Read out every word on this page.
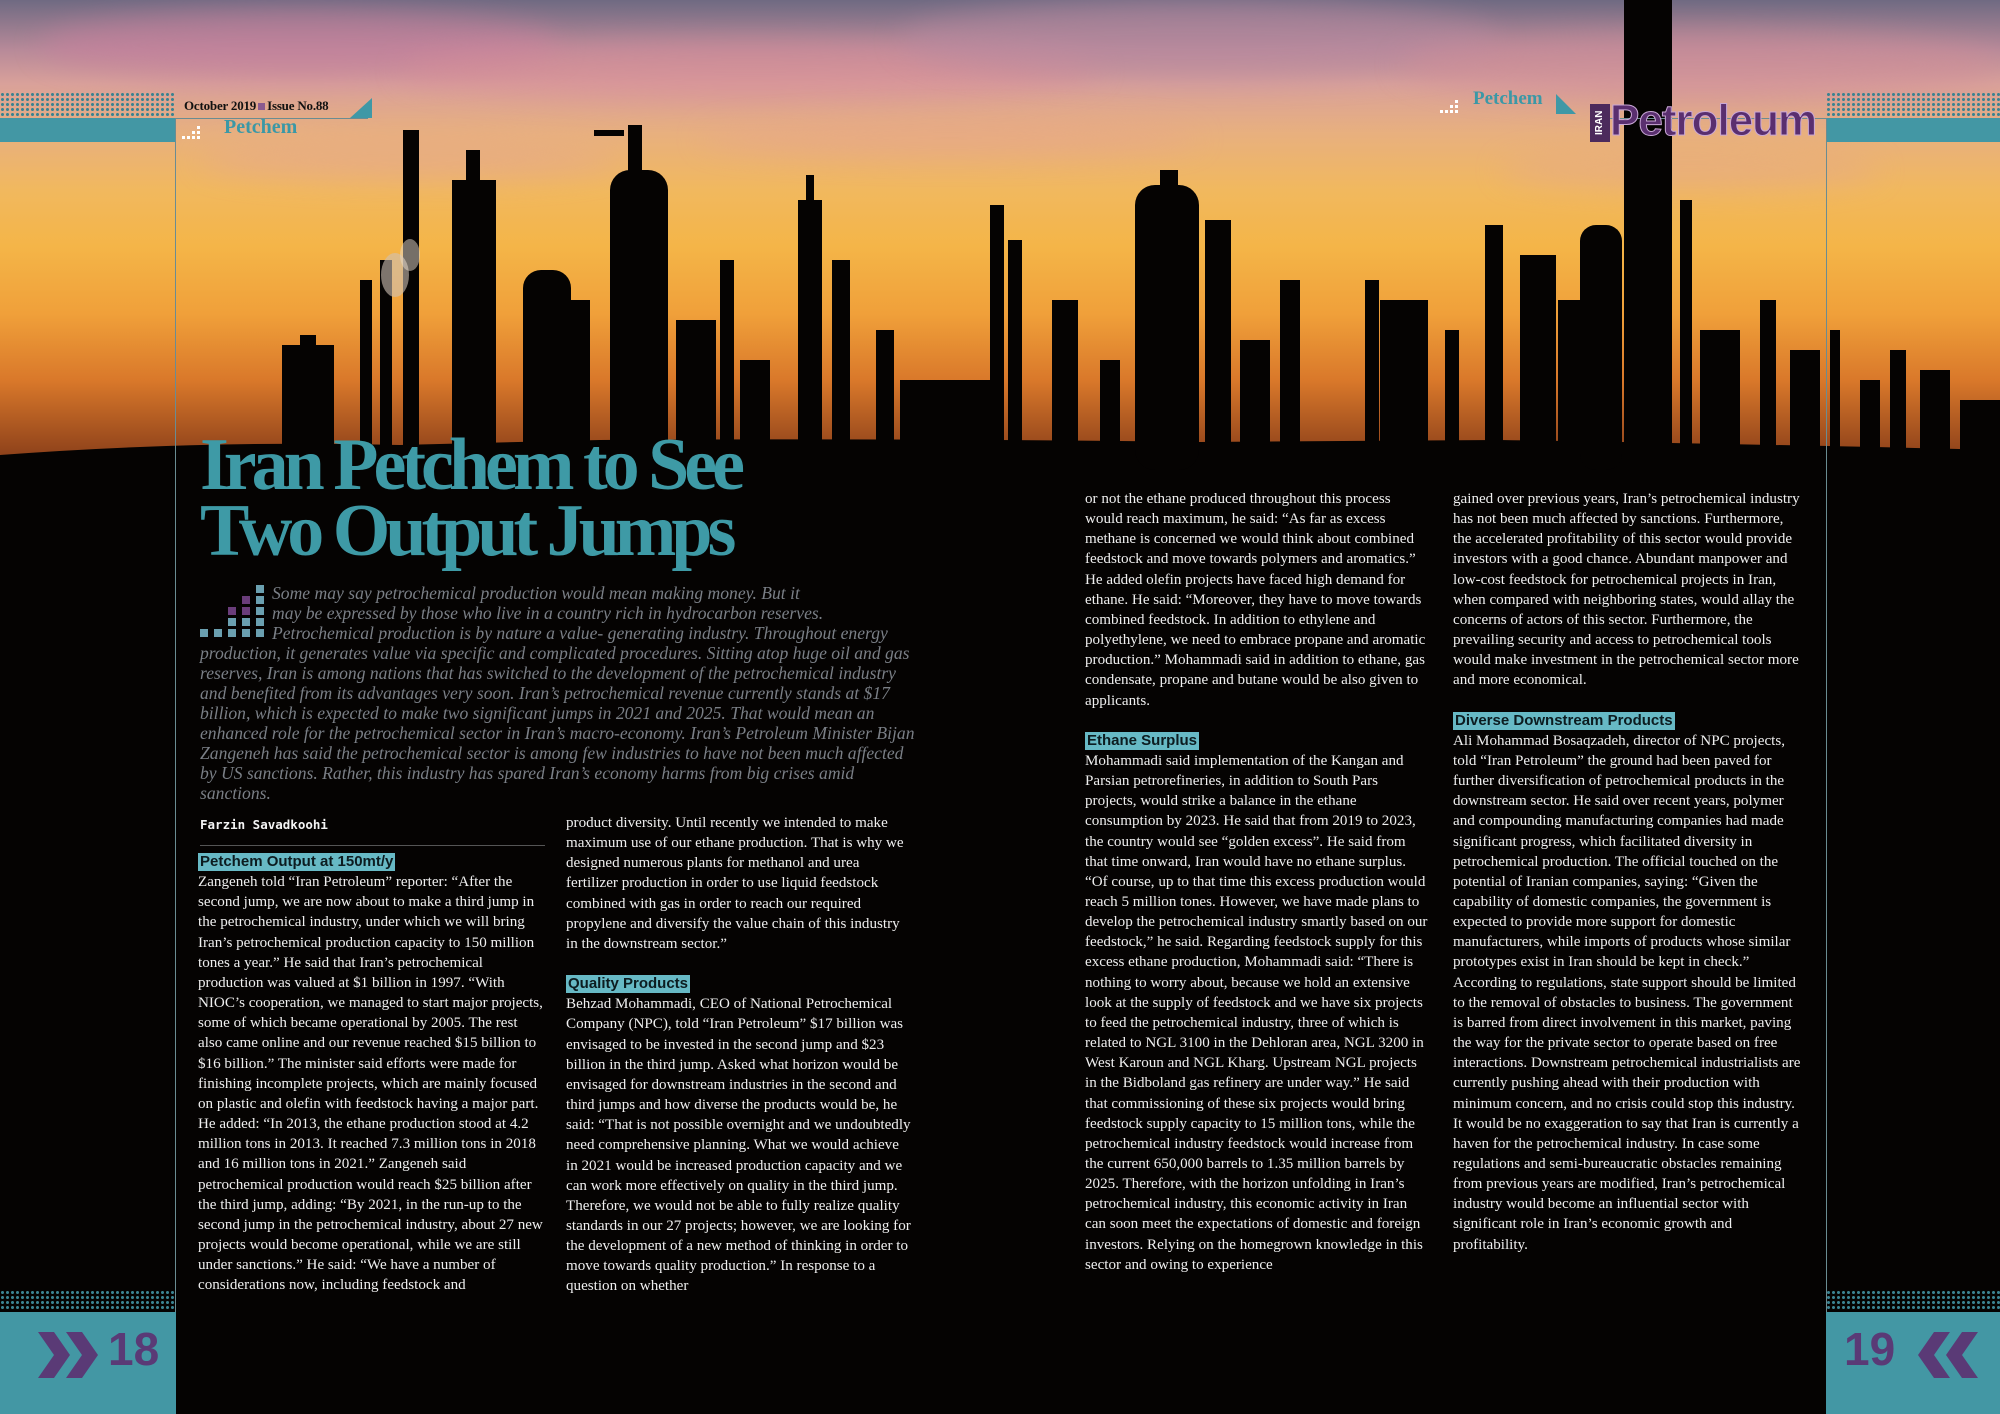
October 2019 Issue No.88
Petchem
Petchem
IRAN Petroleum
Iran Petchem to See
Two Output Jumps

Some may say petrochemical production would mean making money. But it
may be expressed by those who live in a country rich in hydrocarbon reserves.
Petrochemical production is by nature a value- generating industry. Throughout energy production, it generates value via specific and complicated procedures. Sitting atop huge oil and gas reserves, Iran is among nations that has switched to the development of the petrochemical industry and benefited from its advantages very soon. Iran’s petrochemical revenue currently stands at $17 billion, which is expected to make two significant jumps in 2021 and 2025. That would mean an enhanced role for the petrochemical sector in Iran’s macro-economy. Iran’s Petroleum Minister Bijan Zangeneh has said the petrochemical sector is among few industries to have not been much affected by US sanctions. Rather, this industry has spared Iran’s economy harms from big crises amid sanctions.

Farzin Savadkoohi
Petchem Output at 150mt/y

Zangeneh told “Iran Petroleum” reporter: “After the second jump, we are now about to make a third jump in the petrochemical industry, under which we will bring Iran’s petrochemical production capacity to 150 million tones a year.” He said that Iran’s petrochemical production was valued at $1 billion in 1997. “With NIOC’s cooperation, we managed to start major projects, some of which became operational by 2005. The rest also came online and our revenue reached $15 billion to $16 billion.” The minister said efforts were made for finishing incomplete projects, which are mainly focused on plastic and olefin with feedstock having a major part. He added: “In 2013, the ethane production stood at 4.2 million tons in 2013. It reached 7.3 million tons in 2018 and 16 million tons in 2021.” Zangeneh said petrochemical production would reach $25 billion after the third jump, adding: “By 2021, in the run-up to the second jump in the petrochemical industry, about 27 new projects would become operational, while we are still under sanctions.” He said: “We have a number of considerations now, including feedstock and

product diversity. Until recently we intended to make maximum use of our ethane production. That is why we designed numerous plants for methanol and urea fertilizer production in order to use liquid feedstock combined with gas in order to reach our required propylene and diversify the value chain of this industry in the downstream sector.”

Quality Products

Behzad Mohammadi, CEO of National Petrochemical Company (NPC), told “Iran Petroleum” $17 billion was envisaged to be invested in the second jump and $23 billion in the third jump. Asked what horizon would be envisaged for downstream industries in the second and third jumps and how diverse the products would be, he said: “That is not possible overnight and we undoubtedly need comprehensive planning. What we would achieve in 2021 would be increased production capacity and we can work more effectively on quality in the third jump. Therefore, we would not be able to fully realize quality standards in our 27 projects; however, we are looking for the development of a new method of thinking in order to move towards quality production.” In response to a question on whether

or not the ethane produced throughout this process would reach maximum, he said: “As far as excess methane is concerned we would think about combined feedstock and move towards polymers and aromatics.” He added olefin projects have faced high demand for ethane. He said: “Moreover, they have to move towards combined feedstock. In addition to ethylene and polyethylene, we need to embrace propane and aromatic production.” Mohammadi said in addition to ethane, gas condensate, propane and butane would be also given to applicants.

Ethane Surplus

Mohammadi said implementation of the Kangan and Parsian petrorefineries, in addition to South Pars projects, would strike a balance in the ethane consumption by 2023. He said that from 2019 to 2023, the country would see “golden excess”. He said from that time onward, Iran would have no ethane surplus. “Of course, up to that time this excess production would reach 5 million tones. However, we have made plans to develop the petrochemical industry smartly based on our feedstock,” he said. Regarding feedstock supply for this excess ethane production, Mohammadi said: “There is nothing to worry about, because we hold an extensive look at the supply of feedstock and we have six projects to feed the petrochemical industry, three of which is related to NGL 3100 in the Dehloran area, NGL 3200 in West Karoun and NGL Kharg. Upstream NGL projects in the Bidboland gas refinery are under way.” He said that commissioning of these six projects would bring feedstock supply capacity to 15 million tons, while the petrochemical industry feedstock would increase from the current 650,000 barrels to 1.35 million barrels by 2025. Therefore, with the horizon unfolding in Iran’s petrochemical industry, this economic activity in Iran can soon meet the expectations of domestic and foreign investors. Relying on the homegrown knowledge in this sector and owing to experience

gained over previous years, Iran’s petrochemical industry has not been much affected by sanctions. Furthermore, the accelerated profitability of this sector would provide investors with a good chance. Abundant manpower and low-cost feedstock for petrochemical projects in Iran, when compared with neighboring states, would allay the concerns of actors of this sector. Furthermore, the prevailing security and access to petrochemical tools would make investment in the petrochemical sector more and more economical.

Diverse Downstream Products

Ali Mohammad Bosaqzadeh, director of NPC projects, told “Iran Petroleum” the ground had been paved for further diversification of petrochemical products in the downstream sector. He said over recent years, polymer and compounding manufacturing companies had made significant progress, which facilitated diversity in petrochemical production. The official touched on the potential of Iranian companies, saying: “Given the capability of domestic companies, the government is expected to provide more support for domestic manufacturers, while imports of products whose similar prototypes exist in Iran should be kept in check.” According to regulations, state support should be limited to the removal of obstacles to business. The government is barred from direct involvement in this market, paving the way for the private sector to operate based on free interactions. Downstream petrochemical industrialists are currently pushing ahead with their production with minimum concern, and no crisis could stop this industry. It would be no exaggeration to say that Iran is currently a haven for the petrochemical industry. In case some regulations and semi-bureaucratic obstacles remaining from previous years are modified, Iran’s petrochemical industry would become an influential sector with significant role in Iran’s economic growth and profitability.

18	19
